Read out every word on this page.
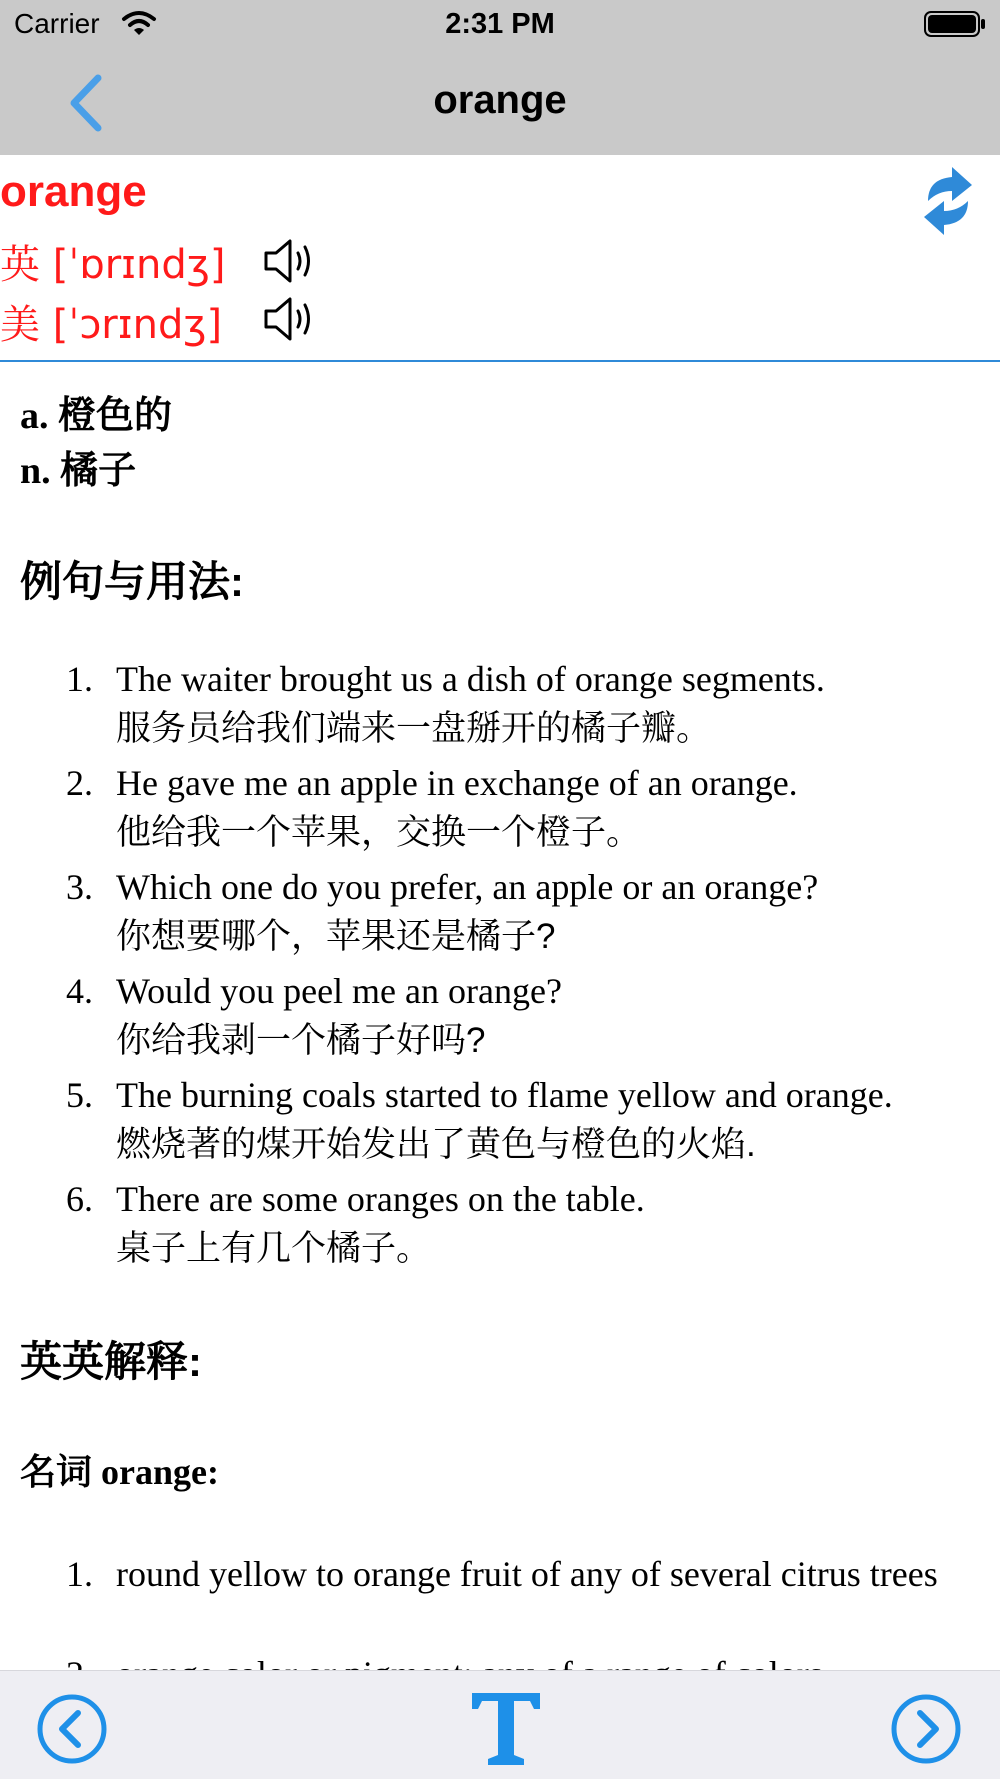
Carrier	2:31 PM
orange
orange
英 [ˈɒrɪndʒ]
美 [ˈɔrɪndʒ]
a. 橙色的
n. 橘子
例句与用法:
1. The waiter brought us a dish of orange segments.
服务员给我们端来一盘掰开的橘子瓣。
2. He gave me an apple in exchange of an orange.
他给我一个苹果，交换一个橙子。
3. Which one do you prefer, an apple or an orange?
你想要哪个，苹果还是橘子?
4. Would you peel me an orange?
你给我剥一个橘子好吗?
5. The burning coals started to flame yellow and orange.
燃烧著的煤开始发出了黄色与橙色的火焰.
6. There are some oranges on the table.
桌子上有几个橘子。
英英解释:
名词 orange:
1. round yellow to orange fruit of any of several citrus trees
